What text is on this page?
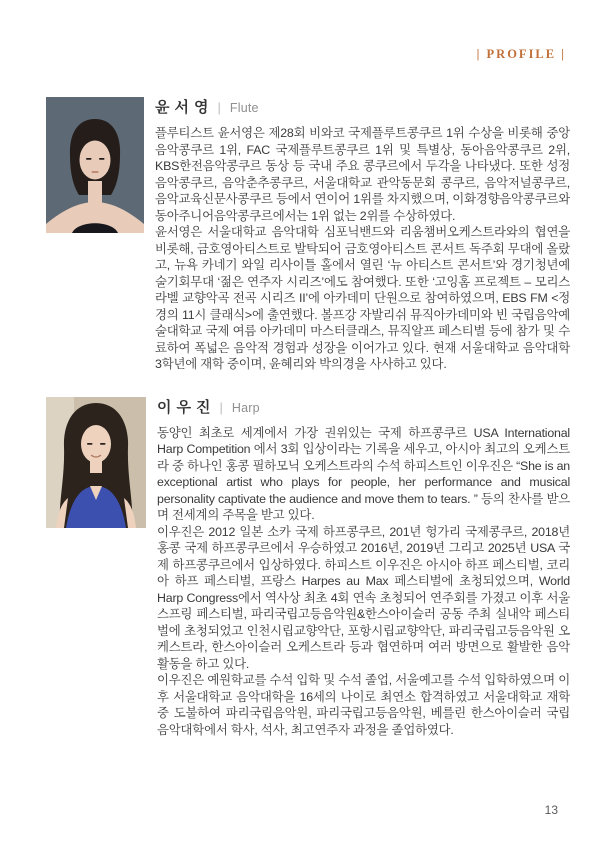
| PROFILE |
윤서영 | Flute

플루티스트 윤서영은 제28회 비와코 국제플루트콩쿠르 1위 수상을 비롯해 중앙음악콩쿠르 1위, FAC 국제플루트콩쿠르 1위 및 특별상, 동아음악콩쿠르 2위, KBS한전음악콩쿠르 동상 등 국내 주요 콩쿠르에서 두각을 나타냈다. 또한 성정음악콩쿠르, 음악춘추콩쿠르, 서울대학교 관악동문회 콩쿠르, 음악저널콩쿠르, 음악교육신문사콩쿠르 등에서 연이어 1위를 차지했으며, 이화경향음악콩쿠르와 동아주니어음악콩쿠르에서는 1위 없는 2위를 수상하였다.

윤서영은 서울대학교 음악대학 심포닉밴드와 리움챔버오케스트라와의 협연을 비롯해, 금호영아티스트로 발탁되어 금호영아티스트 콘서트 독주회 무대에 올랐고, 뉴욕 카네기 와일 리사이틀 홀에서 열린 ‘뉴 아티스트 콘서트’와 경기청년예술기회무대 ‘젊은 연주자 시리즈’에도 참여했다. 또한 ‘고잉홈 프로젝트 – 모리스 라벨 교향악곡 전곡 시리즈 II’에 아카데미 단원으로 참여하였으며, EBS FM <정경의 11시 클래식>에 출연했다. 볼프강 자발리쉬 뮤직아카데미와 빈 국립음악예술대학교 국제 여름 아카데미 마스터클래스, 뮤직알프 페스티벌 등에 참가 및 수료하여 폭넓은 음악적 경험과 성장을 이어가고 있다. 현재 서울대학교 음악대학 3학년에 재학 중이며, 윤혜리와 박의경을 사사하고 있다.

이우진 | Harp

동양인 최초로 세계에서 가장 권위있는 국제 하프콩쿠르 USA International Harp Competition 에서 3회 입상이라는 기록을 세우고, 아시아 최고의 오케스트라 중 하나인 홍콩 필하모닉 오케스트라의 수석 하피스트인 이우진은 “She is an exceptional artist who plays for people, her performance and musical personality captivate the audience and move them to tears. ” 등의 찬사를 받으며 전세계의 주목을 받고 있다.

이우진은 2012 일본 소카 국제 하프콩쿠르, 201년 헝가리 국제콩쿠르, 2018년 홍콩 국제 하프콩쿠르에서 우승하였고 2016년, 2019년 그리고 2025년 USA 국제 하프콩쿠르에서 입상하였다. 하피스트 이우진은 아시아 하프 페스티벌, 코리아 하프 페스티벌, 프랑스 Harpes au Max 페스티벌에 초청되었으며, World Harp Congress에서 역사상 최초 4회 연속 초청되어 연주회를 가졌고 이후 서울 스프링 페스티벌, 파리국립고등음악원&한스아이슬러 공동 주최 실내악 페스티벌에 초청되었고 인천시립교향악단, 포항시립교향악단, 파리국립고등음악원 오케스트라, 한스아이슬러 오케스트라 등과 협연하며 여러 방면으로 활발한 음악 활동을 하고 있다.

이우진은 예원학교를 수석 입학 및 수석 졸업, 서울예고를 수석 입학하였으며 이후 서울대학교 음악대학을 16세의 나이로 최연소 합격하였고 서울대학교 재학중 도불하여 파리국립음악원, 파리국립고등음악원, 베를린 한스아이슬러 국립음악대학에서 학사, 석사, 최고연주자 과정을 졸업하였다.

13
